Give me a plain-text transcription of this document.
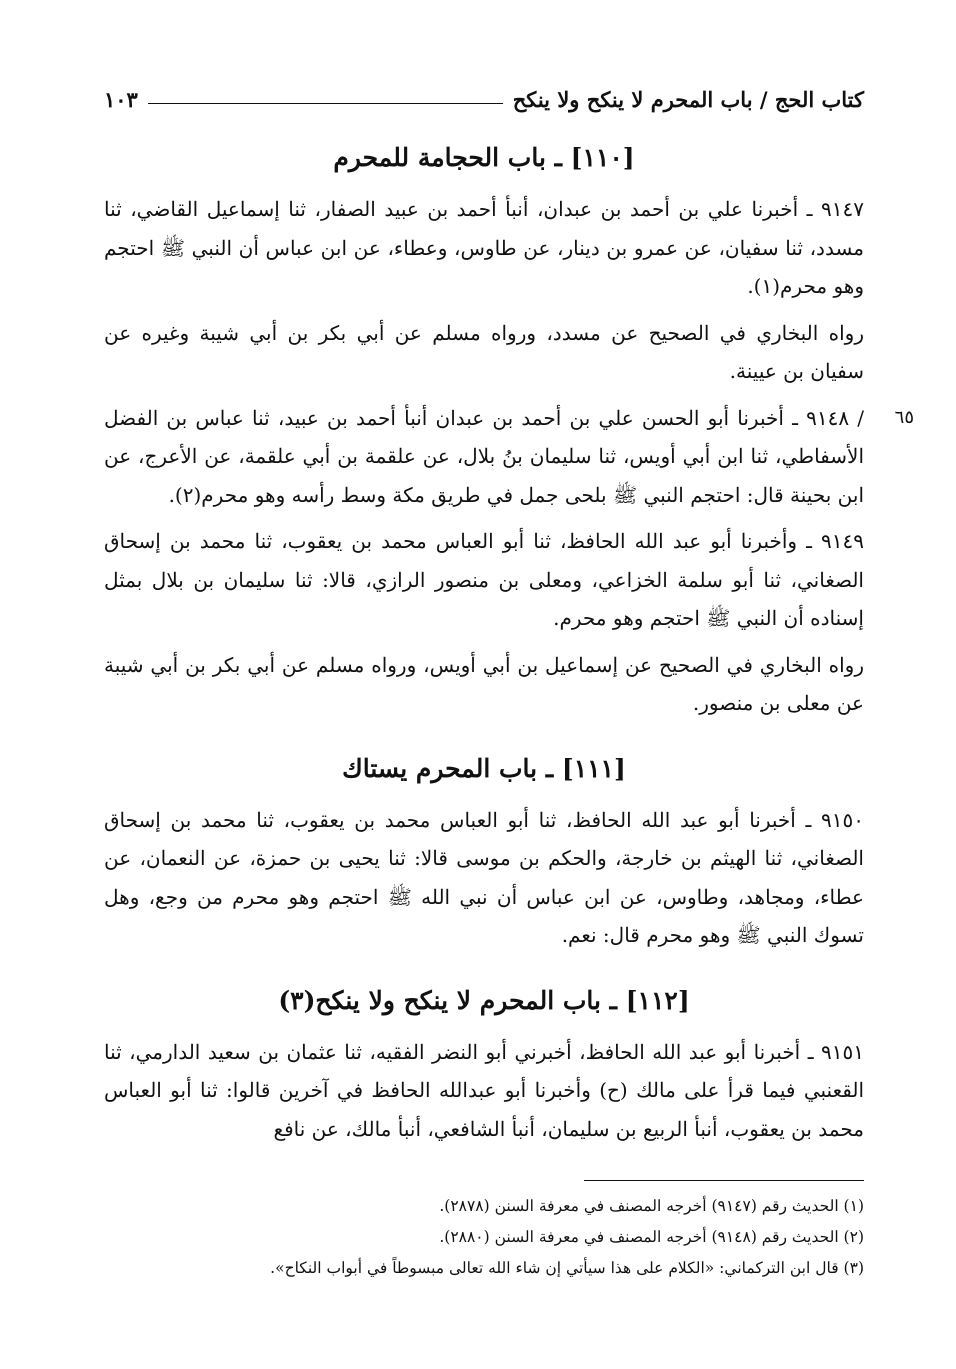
كتاب الحج / باب المحرم لا ينكح ولا ينكح
١٠٣
[١١٠] ـ باب الحجامة للمحرم

٩١٤٧ ـ أخبرنا علي بن أحمد بن عبدان، أنبأ أحمد بن عبيد الصفار، ثنا إسماعيل القاضي، ثنا مسدد، ثنا سفيان، عن عمرو بن دينار، عن طاوس، وعطاء، عن ابن عباس أن النبي ﷺ احتجم وهو محرم(١).

رواه البخاري في الصحيح عن مسدد، ورواه مسلم عن أبي بكر بن أبي شيبة وغيره عن سفيان بن عيينة.

٦٥

/ ٩١٤٨ ـ أخبرنا أبو الحسن علي بن أحمد بن عبدان أنبأ أحمد بن عبيد، ثنا عباس بن الفضل الأسفاطي، ثنا ابن أبي أويس، ثنا سليمان بنُ بلال، عن علقمة بن أبي علقمة، عن الأعرج، عن ابن بحينة قال: احتجم النبي ﷺ بلحى جمل في طريق مكة وسط رأسه وهو محرم(٢).

٩١٤٩ ـ وأخبرنا أبو عبد الله الحافظ، ثنا أبو العباس محمد بن يعقوب، ثنا محمد بن إسحاق الصغاني، ثنا أبو سلمة الخزاعي، ومعلى بن منصور الرازي، قالا: ثنا سليمان بن بلال بمثل إسناده أن النبي ﷺ احتجم وهو محرم.

رواه البخاري في الصحيح عن إسماعيل بن أبي أويس، ورواه مسلم عن أبي بكر بن أبي شيبة عن معلى بن منصور.

[١١١] ـ باب المحرم يستاك

٩١٥٠ ـ أخبرنا أبو عبد الله الحافظ، ثنا أبو العباس محمد بن يعقوب، ثنا محمد بن إسحاق الصغاني، ثنا الهيثم بن خارجة، والحكم بن موسى قالا: ثنا يحيى بن حمزة، عن النعمان، عن عطاء، ومجاهد، وطاوس، عن ابن عباس أن نبي الله ﷺ احتجم وهو محرم من وجع، وهل تسوك النبي ﷺ وهو محرم قال: نعم.

[١١٢] ـ باب المحرم لا ينكح ولا ينكح(٣)

٩١٥١ ـ أخبرنا أبو عبد الله الحافظ، أخبرني أبو النضر الفقيه، ثنا عثمان بن سعيد الدارمي، ثنا القعنبي فيما قرأ على مالك (ح) وأخبرنا أبو عبدالله الحافظ في آخرين قالوا: ثنا أبو العباس محمد بن يعقوب، أنبأ الربيع بن سليمان، أنبأ الشافعي، أنبأ مالك، عن نافع

(١) الحديث رقم (٩١٤٧) أخرجه المصنف في معرفة السنن (٢٨٧٨).
(٢) الحديث رقم (٩١٤٨) أخرجه المصنف في معرفة السنن (٢٨٨٠).
(٣) قال ابن التركماني: «الكلام على هذا سيأتي إن شاء الله تعالى مبسوطاً في أبواب النكاح».
